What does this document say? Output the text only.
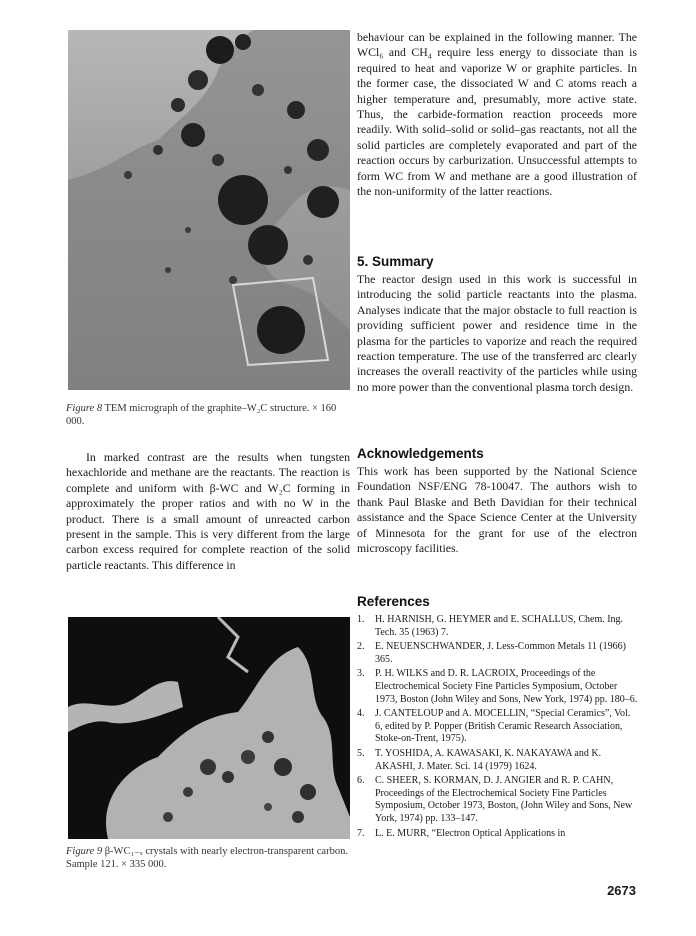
Figure 8 TEM micrograph of the graphite–W₂C structure. × 160 000.

In marked contrast are the results when tungsten hexachloride and methane are the reactants. The reaction is complete and uniform with β-WC and W₂C forming in approximately the proper ratios and with no W in the product. There is a small amount of unreacted carbon present in the sample. This is very different from the large carbon excess required for complete reaction of the solid particle reactants. This difference in

Figure 9 β-WC₁₋ₓ crystals with nearly electron-transparent carbon. Sample 121. × 335 000.

behaviour can be explained in the following manner. The WCl₆ and CH₄ require less energy to dissociate than is required to heat and vaporize W or graphite particles. In the former case, the dissociated W and C atoms reach a higher temperature and, presumably, more active state. Thus, the carbide-formation reaction proceeds more readily. With solid–solid or solid–gas reactants, not all the solid particles are completely evaporated and part of the reaction occurs by carburization. Unsuccessful attempts to form WC from W and methane are a good illustration of the non-uniformity of the latter reactions.

5. Summary

The reactor design used in this work is successful in introducing the solid particle reactants into the plasma. Analyses indicate that the major obstacle to full reaction is providing sufficient power and residence time in the plasma for the particles to vaporize and reach the required reaction temperature. The use of the transferred arc clearly increases the overall reactivity of the particles while using no more power than the conventional plasma torch design.

Acknowledgements

This work has been supported by the National Science Foundation NSF/ENG 78-10047. The authors wish to thank Paul Blaske and Beth Davidian for their technical assistance and the Space Science Center at the University of Minnesota for the grant for use of the electron microscopy facilities.

References
1.	H. HARNISH, G. HEYMER and E. SCHALLUS, Chem. Ing. Tech. 35 (1963) 7.
2.	E. NEUENSCHWANDER, J. Less-Common Metals 11 (1966) 365.
3.	P. H. WILKS and D. R. LACROIX, Proceedings of the Electrochemical Society Fine Particles Symposium, October 1973, Boston (John Wiley and Sons, New York, 1974) pp. 180–6.
4.	J. CANTELOUP and A. MOCELLIN, “Special Ceramics”, Vol. 6, edited by P. Popper (British Ceramic Research Association, Stoke-on-Trent, 1975).
5.	T. YOSHIDA, A. KAWASAKI, K. NAKAYAWA and K. AKASHI, J. Mater. Sci. 14 (1979) 1624.
6.	C. SHEER, S. KORMAN, D. J. ANGIER and R. P. CAHN, Proceedings of the Electrochemical Society Fine Particles Symposium, October 1973, Boston, (John Wiley and Sons, New York, 1974) pp. 133–147.
7.	L. E. MURR, “Electron Optical Applications in
2673
